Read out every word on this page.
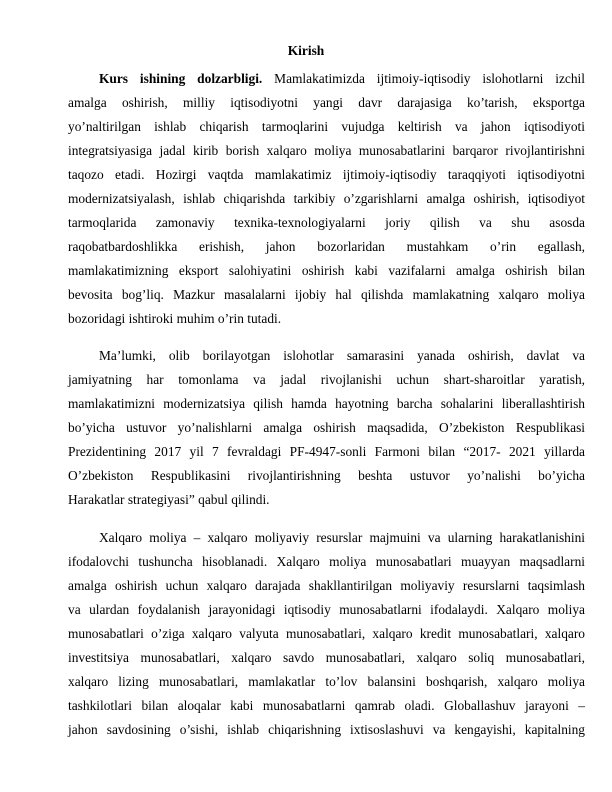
Kirish
Kurs ishining dolzarbligi. Mamlakatimizda ijtimoiy-iqtisodiy islohotlarni izchil
amalga oshirish, milliy iqtisodiyotni yangi davr darajasiga ko’tarish, eksportga
yo’naltirilgan ishlab chiqarish tarmoqlarini vujudga keltirish va jahon iqtisodiyoti
integratsiyasiga jadal kirib borish xalqaro moliya munosabatlarini barqaror rivojlantirishni
taqozo etadi. Hozirgi vaqtda mamlakatimiz ijtimoiy-iqtisodiy taraqqiyoti iqtisodiyotni
modernizatsiyalash, ishlab chiqarishda tarkibiy o’zgarishlarni amalga oshirish, iqtisodiyot
tarmoqlarida zamonaviy texnika-texnologiyalarni joriy qilish va shu asosda
raqobatbardoshlikka erishish, jahon bozorlaridan mustahkam o’rin egallash,
mamlakatimizning eksport salohiyatini oshirish kabi vazifalarni amalga oshirish bilan
bevosita bog’liq. Mazkur masalalarni ijobiy hal qilishda mamlakatning xalqaro moliya
bozoridagi ishtiroki muhim o’rin tutadi.
Ma’lumki, olib borilayotgan islohotlar samarasini yanada oshirish, davlat va
jamiyatning har tomonlama va jadal rivojlanishi uchun shart-sharoitlar yaratish,
mamlakatimizni modernizatsiya qilish hamda hayotning barcha sohalarini liberallashtirish
bo’yicha ustuvor yo’nalishlarni amalga oshirish maqsadida, O’zbekiston Respublikasi
Prezidentining 2017 yil 7 fevraldagi PF-4947-sonli Farmoni bilan “2017- 2021 yillarda
O’zbekiston Respublikasini rivojlantirishning beshta ustuvor yo’nalishi bo’yicha
Harakatlar strategiyasi” qabul qilindi.
Xalqaro moliya – xalqaro moliyaviy resurslar majmuini va ularning harakatlanishini
ifodalovchi tushuncha hisoblanadi. Xalqaro moliya munosabatlari muayyan maqsadlarni
amalga oshirish uchun xalqaro darajada shakllantirilgan moliyaviy resurslarni taqsimlash
va ulardan foydalanish jarayonidagi iqtisodiy munosabatlarni ifodalaydi. Xalqaro moliya
munosabatlari o’ziga xalqaro valyuta munosabatlari, xalqaro kredit munosabatlari, xalqaro
investitsiya munosabatlari, xalqaro savdo munosabatlari, xalqaro soliq munosabatlari,
xalqaro lizing munosabatlari, mamlakatlar to’lov balansini boshqarish, xalqaro moliya
tashkilotlari bilan aloqalar kabi munosabatlarni qamrab oladi. Globallashuv jarayoni –
jahon savdosining o’sishi, ishlab chiqarishning ixtisoslashuvi va kengayishi, kapitalning
